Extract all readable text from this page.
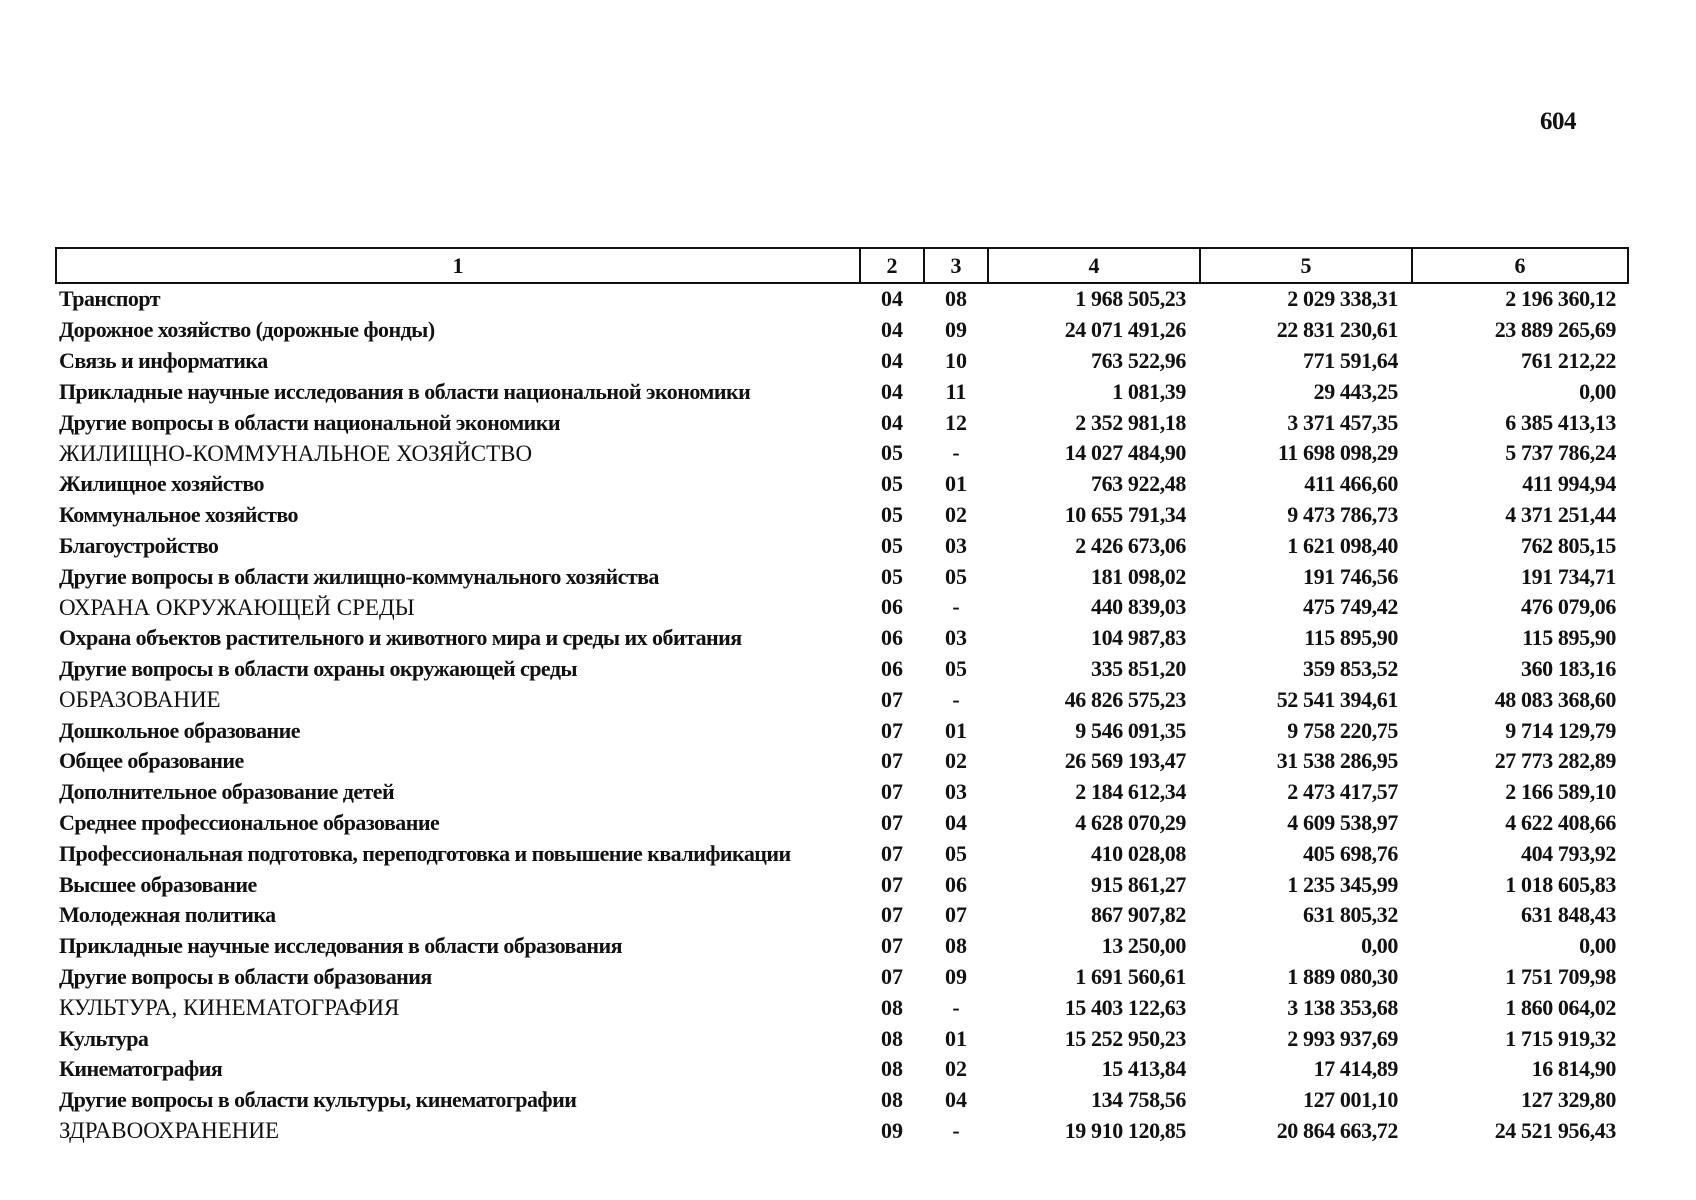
604
1	2	3	4	5	6
Транспорт	04	08	1 968 505,23	2 029 338,31	2 196 360,12
Дорожное хозяйство (дорожные фонды)	04	09	24 071 491,26	22 831 230,61	23 889 265,69
Связь и информатика	04	10	763 522,96	771 591,64	761 212,22
Прикладные научные исследования в области национальной экономики	04	11	1 081,39	29 443,25	0,00
Другие вопросы в области национальной экономики	04	12	2 352 981,18	3 371 457,35	6 385 413,13
ЖИЛИЩНО-КОММУНАЛЬНОЕ ХОЗЯЙСТВО	05	-	14 027 484,90	11 698 098,29	5 737 786,24
Жилищное хозяйство	05	01	763 922,48	411 466,60	411 994,94
Коммунальное хозяйство	05	02	10 655 791,34	9 473 786,73	4 371 251,44
Благоустройство	05	03	2 426 673,06	1 621 098,40	762 805,15
Другие вопросы в области жилищно-коммунального хозяйства	05	05	181 098,02	191 746,56	191 734,71
ОХРАНА ОКРУЖАЮЩЕЙ СРЕДЫ	06	-	440 839,03	475 749,42	476 079,06
Охрана объектов растительного и животного мира и среды их обитания	06	03	104 987,83	115 895,90	115 895,90
Другие вопросы в области охраны окружающей среды	06	05	335 851,20	359 853,52	360 183,16
ОБРАЗОВАНИЕ	07	-	46 826 575,23	52 541 394,61	48 083 368,60
Дошкольное образование	07	01	9 546 091,35	9 758 220,75	9 714 129,79
Общее образование	07	02	26 569 193,47	31 538 286,95	27 773 282,89
Дополнительное образование детей	07	03	2 184 612,34	2 473 417,57	2 166 589,10
Среднее профессиональное образование	07	04	4 628 070,29	4 609 538,97	4 622 408,66
Профессиональная подготовка, переподготовка и повышение квалификации	07	05	410 028,08	405 698,76	404 793,92
Высшее образование	07	06	915 861,27	1 235 345,99	1 018 605,83
Молодежная политика	07	07	867 907,82	631 805,32	631 848,43
Прикладные научные исследования в области образования	07	08	13 250,00	0,00	0,00
Другие вопросы в области образования	07	09	1 691 560,61	1 889 080,30	1 751 709,98
КУЛЬТУРА, КИНЕМАТОГРАФИЯ	08	-	15 403 122,63	3 138 353,68	1 860 064,02
Культура	08	01	15 252 950,23	2 993 937,69	1 715 919,32
Кинематография	08	02	15 413,84	17 414,89	16 814,90
Другие вопросы в области культуры, кинематографии	08	04	134 758,56	127 001,10	127 329,80
ЗДРАВООХРАНЕНИЕ	09	-	19 910 120,85	20 864 663,72	24 521 956,43
